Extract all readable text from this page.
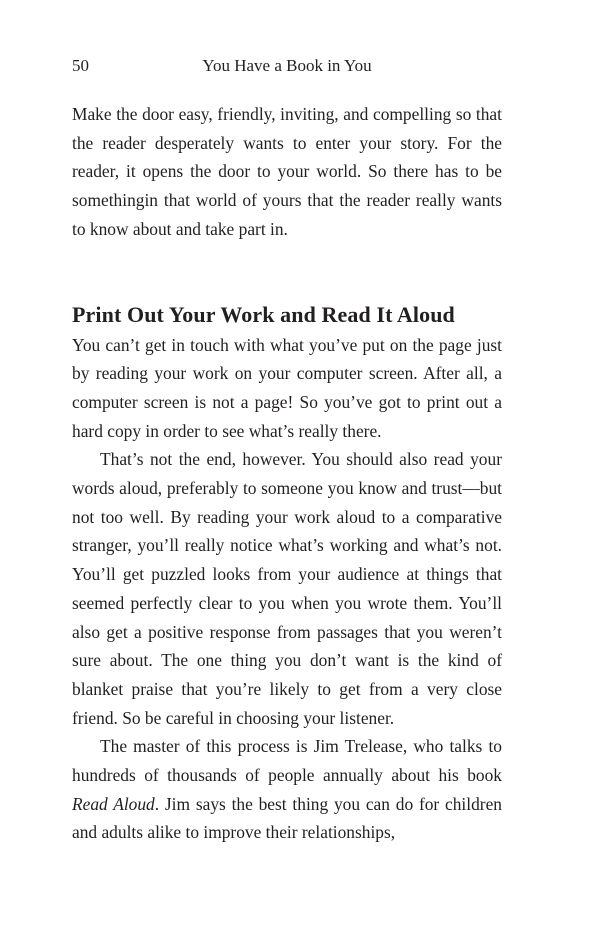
50	You Have a Book in You

Make the door easy, friendly, inviting, and compelling so that the reader desperately wants to enter your story. For the reader, it opens the door to your world. So there has to be somethingin that world of yours that the reader really wants to know about and take part in.

Print Out Your Work and Read It Aloud

You can’t get in touch with what you’ve put on the page just by reading your work on your computer screen. After all, a computer screen is not a page! So you’ve got to print out a hard copy in order to see what’s really there.

That’s not the end, however. You should also read your words aloud, preferably to someone you know and trust—but not too well. By reading your work aloud to a comparative stranger, you’ll really notice what’s working and what’s not. You’ll get puzzled looks from your audience at things that seemed perfectly clear to you when you wrote them. You’ll also get a positive response from passages that you weren’t sure about. The one thing you don’t want is the kind of blanket praise that you’re likely to get from a very close friend. So be careful in choosing your listener.

The master of this process is Jim Trelease, who talks to hundreds of thousands of people annually about his book Read Aloud. Jim says the best thing you can do for children and adults alike to improve their relationships,
